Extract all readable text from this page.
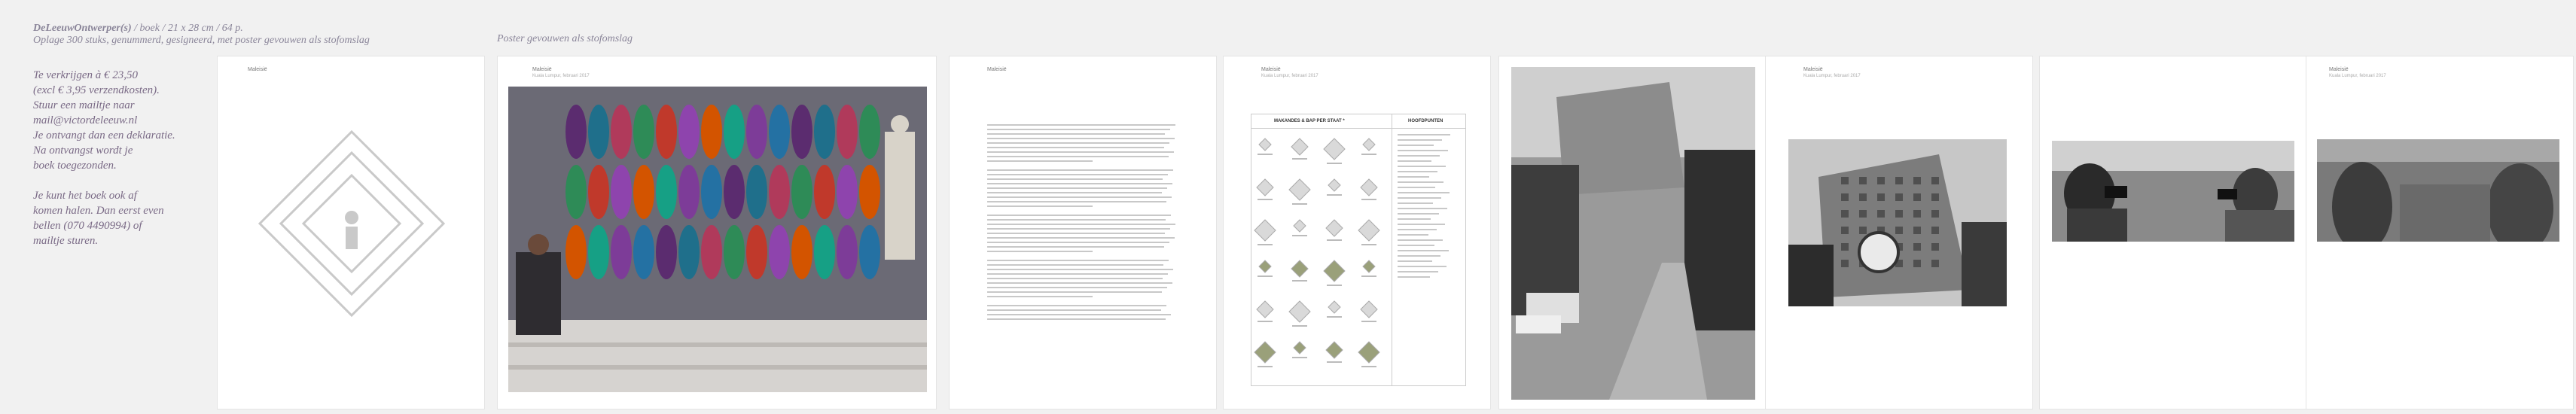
DeLeeuwOntwerper(s) / boek / 21 x 28 cm / 64 p.
Oplage 300 stuks, genummerd, gesigneerd, met poster gevouwen als stofomslag	Poster gevouwen als stofomslag

Te verkrijgen à € 23,50
(excl € 3,95 verzendkosten).
Stuur een mailtje naar
mail@victordeleeuw.nl
Je ontvangt dan een deklaratie.
Na ontvangst wordt je
boek toegezonden.

Je kunt het boek ook af
komen halen. Dan eerst even
bellen (070 4490994) of
mailtje sturen.

Maleisië	Maleisië
Kuala Lumpur, februari 2017
Maleisië	Maleisië
Kuala Lumpur, februari 2017
MAKANDES & BAP PER STAAT *	HOOFDPUNTEN
Maleisië
Kuala Lumpur, februari 2017
Maleisië
Kuala Lumpur, februari 2017
